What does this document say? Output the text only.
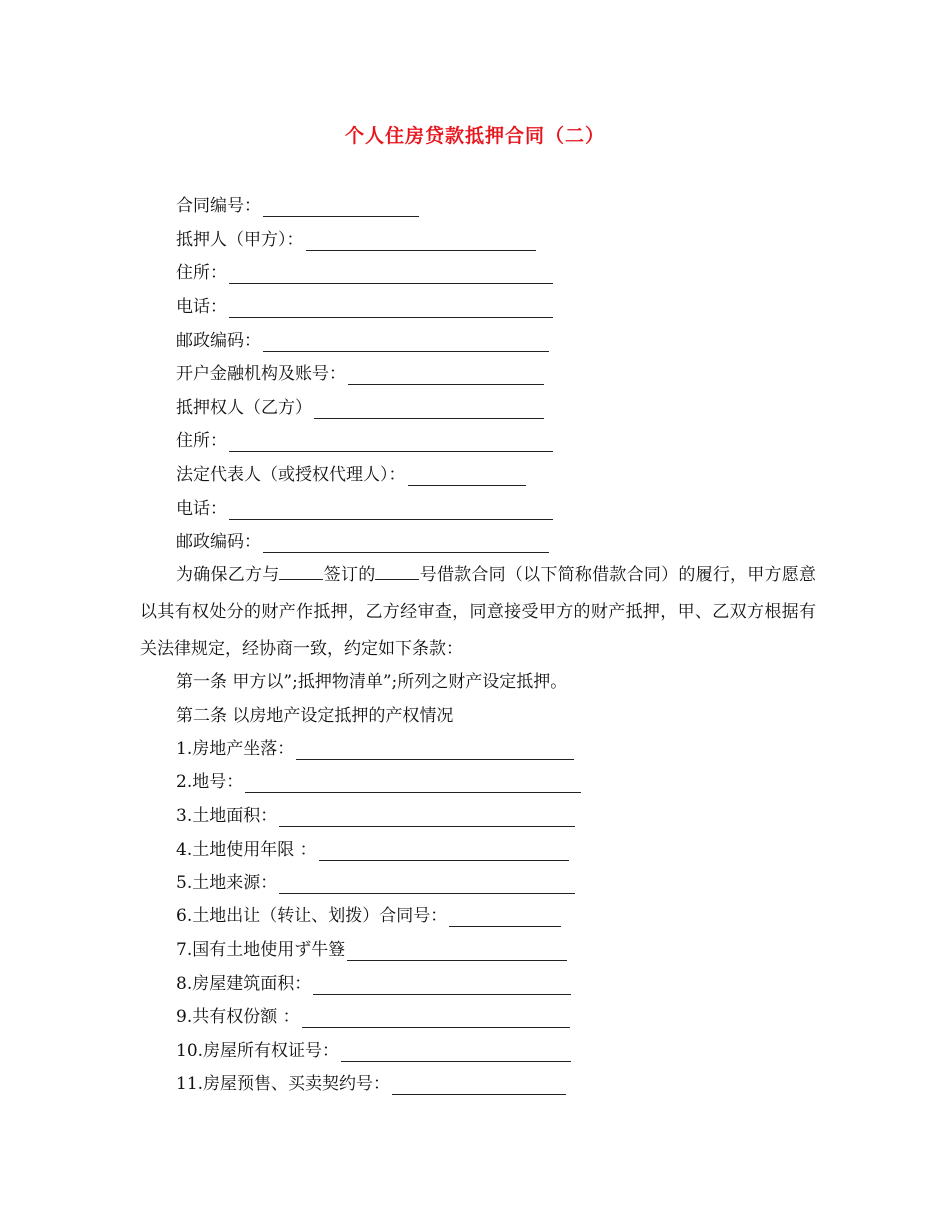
个人住房贷款抵押合同（二）
合同编号：
抵押人（甲方）：
住所：
电话：
邮政编码：
开户金融机构及账号：
抵押权人（乙方）
住所：
法定代表人（或授权代理人）：
电话：
邮政编码：
为确保乙方与	签订的	号借款合同（以下简称借款合同）的履行，甲方愿意以其有权处分的财产作抵押，乙方经审查，同意接受甲方的财产抵押，甲、乙双方根据有关法律规定，经协商一致，约定如下条款：
第一条 甲方以”;抵押物清单”;所列之财产设定抵押。
第二条 以房地产设定抵押的产权情况
1.房地产坐落：
2.地号：
3.土地面积：
4.土地使用年限 ：
5.土地来源：
6.土地出让（转让、划拨）合同号：
7.国有土地使用ず牛簦
8.房屋建筑面积：
9.共有权份额 ：
10.房屋所有权证号：
11.房屋预售、买卖契约号：
